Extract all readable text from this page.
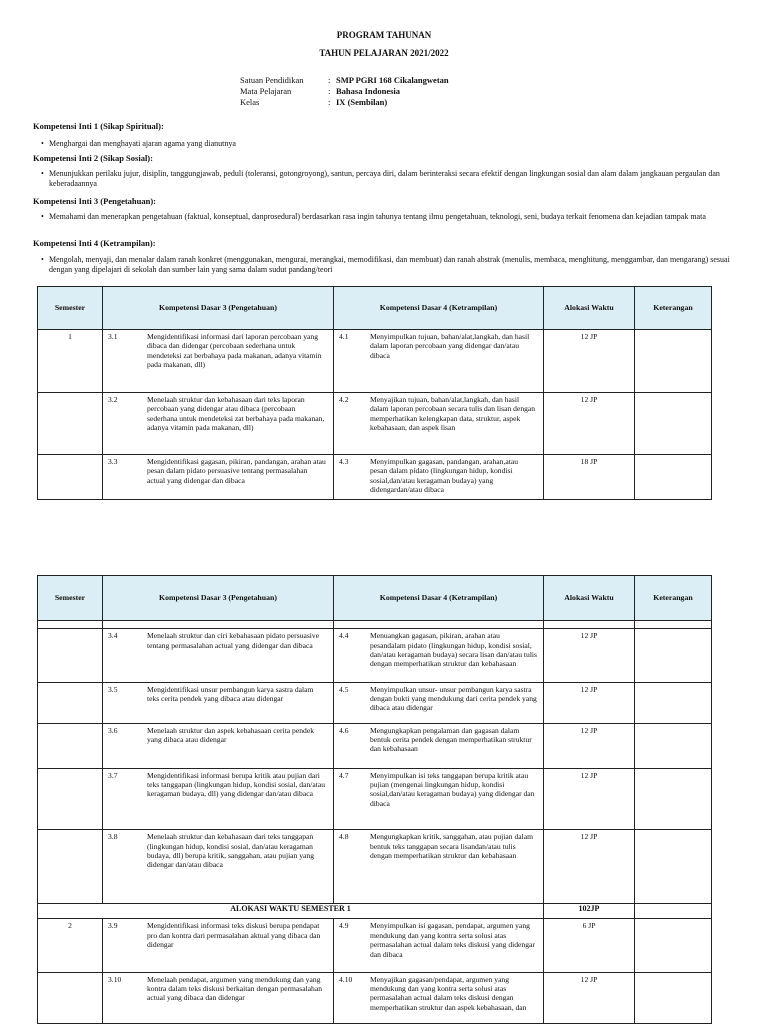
PROGRAM TAHUNAN
TAHUN PELAJARAN 2021/2022
Satuan Pendidikan	: SMP PGRI 168 Cikalangwetan
Mata Pelajaran	: Bahasa Indonesia
Kelas	: IX (Sembilan)
Kompetensi Inti 1 (Sikap Spiritual):
• Menghargai dan menghayati ajaran agama yang dianutnya
Kompetensi Inti 2 (Sikap Sosial):
• Menunjukkan perilaku jujur, disiplin, tanggungjawab, peduli (toleransi, gotongroyong), santun, percaya diri, dalam berinteraksi secara efektif dengan lingkungan sosial dan alam dalam jangkauan pergaulan dan keberadaannya
Kompetensi Inti 3 (Pengetahuan):
• Memahami dan menerapkan pengetahuan (faktual, konseptual, danprosedural) berdasarkan rasa ingin tahunya tentang ilmu pengetahuan, teknologi, seni, budaya terkait fenomena dan kejadian tampak mata
Kompetensi Inti 4 (Ketrampilan):
• Mengolah, menyaji, dan menalar dalam ranah konkret (menggunakan, mengurai, merangkai, memodifikasi, dan membuat) dan ranah abstrak (menulis, membaca, menghitung, menggambar, dan mengarang) sesuai dengan yang dipelajari di sekolah dan sumber lain yang sama dalam sudut pandang/teori
Semester	Kompetensi Dasar 3 (Pengetahuan)	Kompetensi Dasar 4 (Ketrampilan)	Alokasi Waktu	Keterangan

1	3.1 Mengidentifikasi informasi dari laporan percobaan yang dibaca dan didengar (percobaan sederhana untuk mendeteksi zat berbahaya pada makanan, adanya vitamin pada makanan, dll)	4.1 Menyimpulkan tujuan, bahan/alat,langkah, dan hasil dalam laporan percobaan yang didengar dan/atau dibaca	12 JP	

	3.2 Menelaah struktur dan kebahasaan dari teks laporan percobaan yang didengar atau dibaca (percobaan sederhana untuk mendeteksi zat berbahaya pada makanan, adanya vitamin pada makanan, dll)	4.2 Menyajikan tujuan, bahan/alat,langkah, dan hasil dalam laporan percobaan secara tulis dan lisan dengan memperhatikan kelengkapan data, struktur, aspek kebahasaan, dan aspek lisan	12 JP	

	3.3 Mengidentifikasi gagasan, pikiran, pandangan, arahan atau pesan dalam pidato persuasive tentang permasalahan actual yang didengar dan dibaca	4.3 Menyimpulkan gagasan, pandangan, arahan,atau pesan dalam pidato (lingkungan hidup, kondisi sosial,dan/atau keragaman budaya) yang didengardan/atau dibaca	18 JP	

Semester	Kompetensi Dasar 3 (Pengetahuan)	Kompetensi Dasar 4 (Ketrampilan)	Alokasi Waktu	Keterangan

	3.4 Menelaah struktur dan ciri kebahasaan pidato persuasive tentang permasalahan actual yang didengar dan dibaca	4.4 Menuangkan gagasan, pikiran, arahan atau pesandalam pidato (lingkungan hidup, kondisi sosial, dan/atau keragaman budaya) secara lisan dan/atau tulis dengan memperhatikan struktur dan kebahasaan	12 JP	

	3.5 Mengidentifikasi unsur pembangun karya sastra dalam teks cerita pendek yang dibaca atau didengar	4.5 Menyimpulkan unsur- unsur pembangun karya sastra dengan bukti yang mendukung dari cerita pendek yang dibaca atau didengar	12 JP	

	3.6 Menelaah struktur dan aspek kebahasaan cerita pendek yang dibaca atau didengar	4.6 Mengungkapkan pengalaman dan gagasan dalam bentuk cerita pendek dengan memperhatikan struktur dan kebahasaan	12 JP	

	3.7 Mengidentifikasi informasi berupa kritik atau pujian dari teks tanggapan (lingkungan hidup, kondisi sosial, dan/atau keragaman budaya, dll) yang didengar dan/atau dibaca	4.7 Menyimpulkan isi teks tanggapan berupa kritik atau pujian (mengenai lingkungan hidup, kondisi sosial,dan/atau keragaman budaya) yang didengar dan dibaca	12 JP	

	3.8 Menelaah struktur dan kebahasaan dari teks tanggapan (lingkungan hidup, kondisi sosial, dan/atau keragaman budaya, dll) berupa kritik, sanggahan, atau pujian yang didengar dan/atau dibaca	4.8 Mengungkapkan kritik, sanggahan, atau pujian dalam bentuk teks tanggapan secara lisandan/atau tulis dengan memperhatikan struktur dan kebahasaan	12 JP	

ALOKASI WAKTU SEMESTER 1			102JP	

2	3.9 Mengidentifikasi informasi teks diskusi berupa pendapat pro dan kontra dari permasalahan aktual yang dibaca dan didengar	4.9 Menyimpulkan isi gagasan, pendapat, argumen yang mendukung dan yang kontra serta solusi atas permasalahan actual dalam teks diskusi yang didengar dan dibaca	6 JP	

	3.10 Menelaah pendapat, argumen yang mendukung dan yang kontra dalam teks diskusi berkaitan dengan permasalahan actual yang dibaca dan didengar	4.10 Menyajikan gagasan/pendapat, argumen yang mendukung dan yang kontra serta solusi atas permasalahan actual dalam teks diskusi dengan memperhatikan struktur dan aspek kebahasaan, dan	12 JP	
